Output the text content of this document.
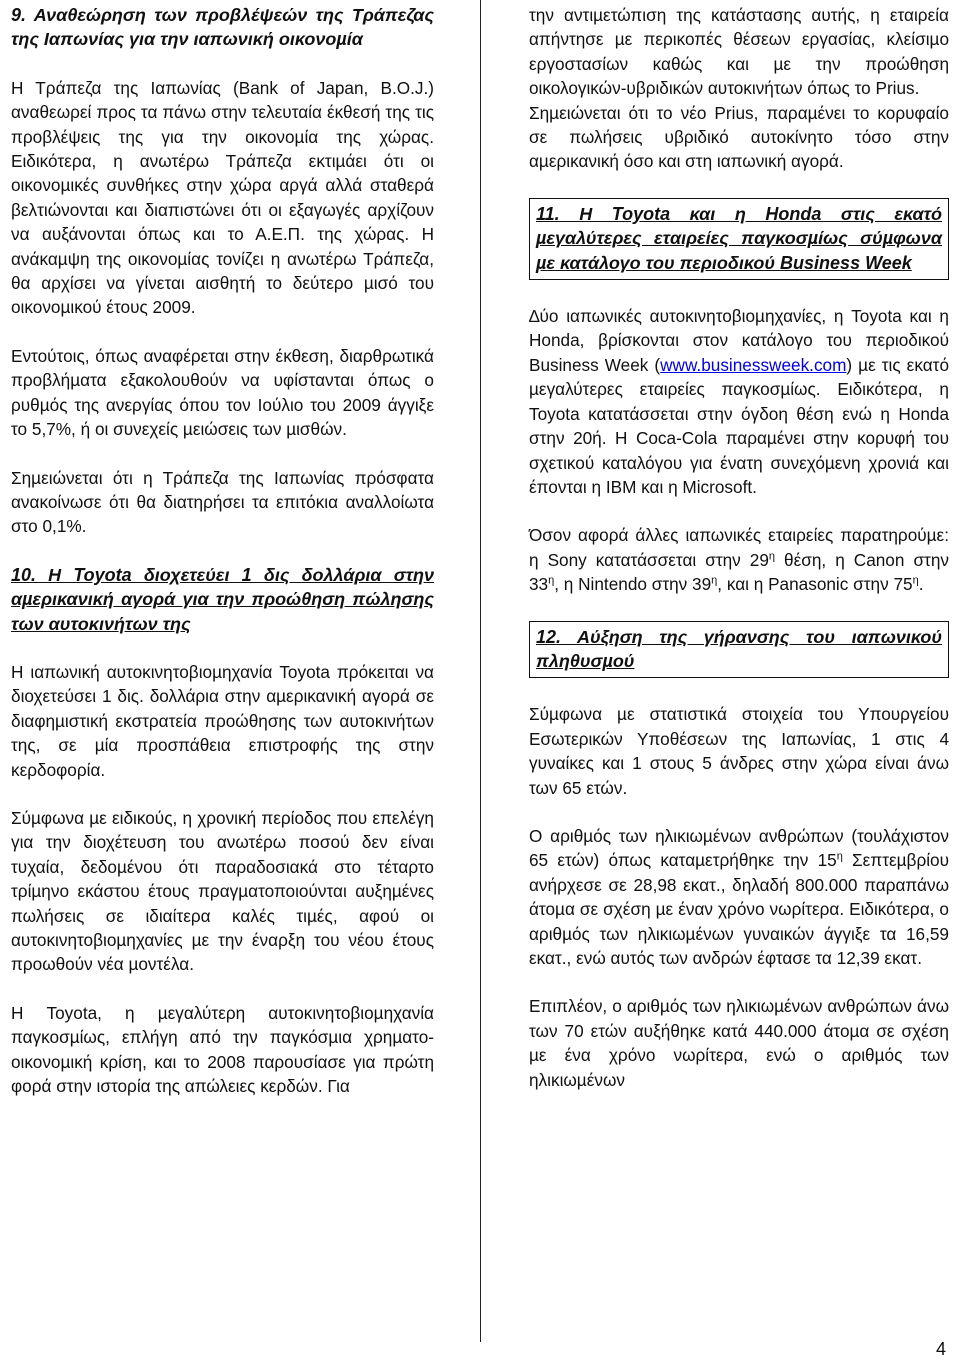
9. Αναθεώρηση των προβλέψεών της Τράπεζας της Ιαπωνίας για την ιαπωνική οικονοµία

Η Τράπεζα της Ιαπωνίας (Bank of Japan, B.O.J.) αναθεωρεί προς τα πάνω στην τελευταία έκθεσή της τις προβλέψεις της για την οικονοµία της χώρας. Ειδικότερα, η ανωτέρω Τράπεζα εκτιµάει ότι οι οικονοµικές συνθήκες στην χώρα αργά αλλά σταθερά βελτιώνονται και διαπιστώνει ότι οι εξαγωγές αρχίζουν να αυξάνονται όπως και το Α.Ε.Π. της χώρας. Η ανάκαµψη της οικονοµίας τονίζει η ανωτέρω Τράπεζα, θα αρχίσει να γίνεται αισθητή το δεύτερο µισό του οικονοµικού έτους 2009.

Εντούτοις, όπως αναφέρεται στην έκθεση, διαρθρωτικά προβλήµατα εξακολουθούν να υφίστανται όπως ο ρυθµός της ανεργίας όπου τον Ιούλιο του 2009 άγγιξε το 5,7%, ή οι συνεχείς µειώσεις των µισθών.

Σηµειώνεται ότι η Τράπεζα της Ιαπωνίας πρόσφατα ανακοίνωσε ότι θα διατηρήσει τα επιτόκια αναλλοίωτα στο 0,1%.

10. Η Toyota διοχετεύει 1 δις δολλάρια στην αµερικανική αγορά για την προώθηση πώλησης των αυτοκινήτων της

Η ιαπωνική αυτοκινητοβιοµηχανία Toyota πρόκειται να διοχετεύσει 1 δις. δολλάρια στην αµερικανική αγορά σε διαφηµιστική εκστρατεία προώθησης των αυτοκινήτων της, σε µία προσπάθεια επιστροφής της στην κερδοφορία.

Σύµφωνα µε ειδικούς, η χρονική περίοδος που επελέγη για την διοχέτευση του ανωτέρω ποσού δεν είναι τυχαία, δεδοµένου ότι παραδοσιακά στο τέταρτο τρίµηνο εκάστου έτους πραγµατοποιούνται αυξηµένες πωλήσεις σε ιδιαίτερα καλές τιµές, αφού οι αυτοκινητοβιοµηχανίες µε την έναρξη του νέου έτους προωθούν νέα µοντέλα.

Η Toyota, η µεγαλύτερη αυτοκινητοβιοµηχανία παγκοσµίως, επλήγη από την παγκόσµια χρηµατο-οικονοµική κρίση, και το 2008 παρουσίασε για πρώτη φορά στην ιστορία της απώλειες κερδών. Για

την αντιµετώπιση της κατάστασης αυτής, η εταιρεία απήντησε µε περικοπές θέσεων εργασίας, κλείσιµο εργοστασίων καθώς και µε την προώθηση οικολογικών-υβριδικών αυτοκινήτων όπως το Prius.

Σηµειώνεται ότι το νέο Prius, παραµένει το κορυφαίο σε πωλήσεις υβριδικό αυτοκίνητο τόσο στην αµερικανική όσο και στη ιαπωνική αγορά.

11. Η Toyota και η Honda στις εκατό µεγαλύτερες εταιρείες παγκοσµίως σύµφωνα µε κατάλογο του περιοδικού Business Week

∆ύο ιαπωνικές αυτοκινητοβιοµηχανίες, η Toyota και η Honda, βρίσκονται στον κατάλογο του περιοδικού Business Week (www.businessweek.com) µε τις εκατό µεγαλύτερες εταιρείες παγκοσµίως. Ειδικότερα, η Toyota κατατάσσεται στην όγδοη θέση ενώ η Honda στην 20ή. Η Coca-Cola παραµένει στην κορυφή του σχετικού καταλόγου για ένατη συνεχόµενη χρονιά και έπονται η IBM και η Microsoft.

Όσον αφορά άλλες ιαπωνικές εταιρείες παρατηρούµε: η Sony κατατάσσεται στην $29^\eta$ θέση, η Canon στην $33^\eta$, η Nintendo στην $39^\eta$, και η Panasonic στην $75^\eta$.

12. Αύξηση της γήρανσης του ιαπωνικού πληθυσµού

Σύµφωνα µε στατιστικά στοιχεία του Υπουργείου Εσωτερικών Υποθέσεων της Ιαπωνίας, 1 στις 4 γυναίκες και 1 στους 5 άνδρες στην χώρα είναι άνω των 65 ετών.

Ο αριθµός των ηλικιωµένων ανθρώπων (τουλάχιστον 65 ετών) όπως καταµετρήθηκε την $15^\eta$ Σεπτεµβρίου ανήρχεσε σε 28,98 εκατ., δηλαδή 800.000 παραπάνω άτοµα σε σχέση µε έναν χρόνο νωρίτερα. Ειδικότερα, ο αριθµός των ηλικιωµένων γυναικών άγγιξε τα 16,59 εκατ., ενώ αυτός των ανδρών έφτασε τα 12,39 εκατ.

Επιπλέον, ο αριθµός των ηλικιωµένων ανθρώπων άνω των 70 ετών αυξήθηκε κατά 440.000 άτοµα σε σχέση µε ένα χρόνο νωρίτερα, ενώ ο αριθµός των ηλικιωµένων

4
